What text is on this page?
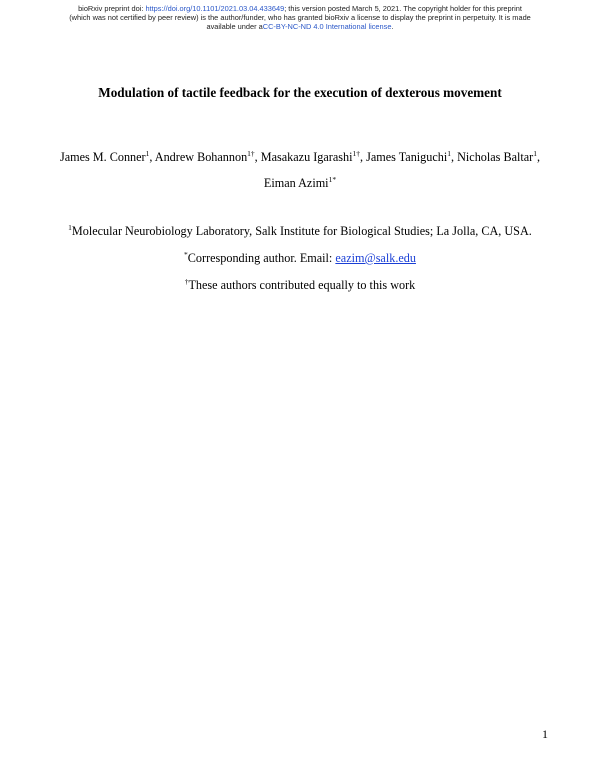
bioRxiv preprint doi: https://doi.org/10.1101/2021.03.04.433649; this version posted March 5, 2021. The copyright holder for this preprint
(which was not certified by peer review) is the author/funder, who has granted bioRxiv a license to display the preprint in perpetuity. It is made
available under aCC-BY-NC-ND 4.0 International license.
Modulation of tactile feedback for the execution of dexterous movement
James M. Conner$^1$, Andrew Bohannon$^{1\dagger}$, Masakazu Igarashi$^{1\dagger}$, James Taniguchi$^1$, Nicholas Baltar$^1$,
Eiman Azimi$^{1*}$
$^1$Molecular Neurobiology Laboratory, Salk Institute for Biological Studies; La Jolla, CA, USA.
*Corresponding author. Email: eazim@salk.edu
†These authors contributed equally to this work
1
